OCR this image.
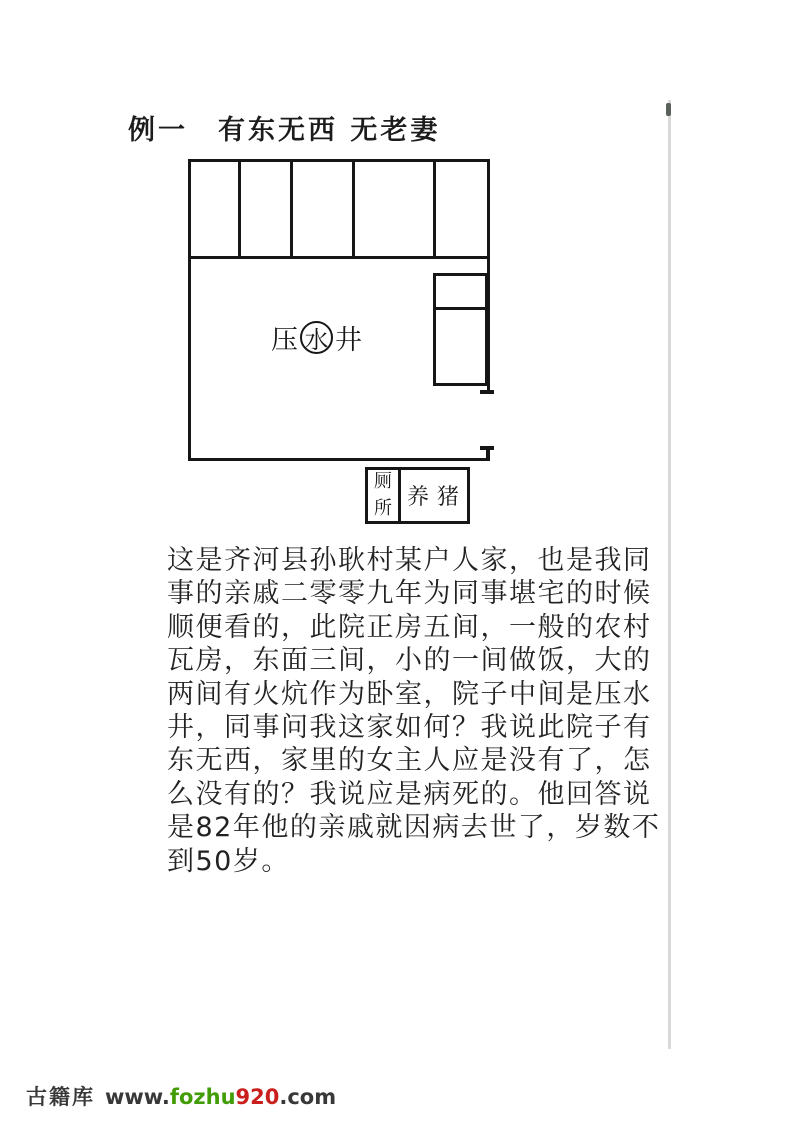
例一　有东无西 无老妻
压 水 井
厕
所 养猪
这是齐河县孙耿村某户人家，也是我同
事的亲戚二零零九年为同事堪宅的时候
顺便看的，此院正房五间，一般的农村
瓦房，东面三间，小的一间做饭，大的
两间有火炕作为卧室，院子中间是压水
井，同事问我这家如何？我说此院子有
东无西，家里的女主人应是没有了，怎
么没有的？我说应是病死的。他回答说
是82年他的亲戚就因病去世了，岁数不
到50岁。
古籍库 www. fozhu 920 .com
